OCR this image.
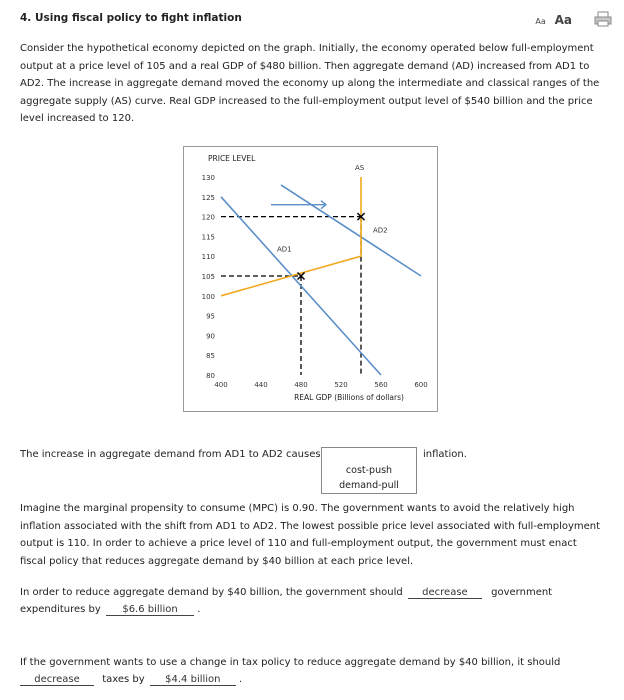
4. Using fiscal policy to fight inflation	Aa Aa
Consider the hypothetical economy depicted on the graph. Initially, the economy operated below full-employment output at a price level of 105 and a real GDP of $480 billion. Then aggregate demand (AD) increased from AD1 to AD2. The increase in aggregate demand moved the economy up along the intermediate and classical ranges of the aggregate supply (AS) curve. Real GDP increased to the full-employment output level of $540 billion and the price level increased to 120.
PRICE LEVEL
130
125
120
115
110
105
100
95
90
85
80
400	440	480	520	560	600
REAL GDP (Billions of dollars)
AD1
AD2
AS
The increase in aggregate demand from AD1 to AD2 causes
cost-push
demand-pull
inflation.
Imagine the marginal propensity to consume (MPC) is 0.90. The government wants to avoid the relatively high inflation associated with the shift from AD1 to AD2. The lowest possible price level associated with full-employment output is 110. In order to achieve a price level of 110 and full-employment output, the government must enact fiscal policy that reduces aggregate demand by $40 billion at each price level.
In order to reduce aggregate demand by $40 billion, the government should decrease government
expenditures by $6.6 billion .
If the government wants to use a change in tax policy to reduce aggregate demand by $40 billion, it should
decrease taxes by $4.4 billion .
